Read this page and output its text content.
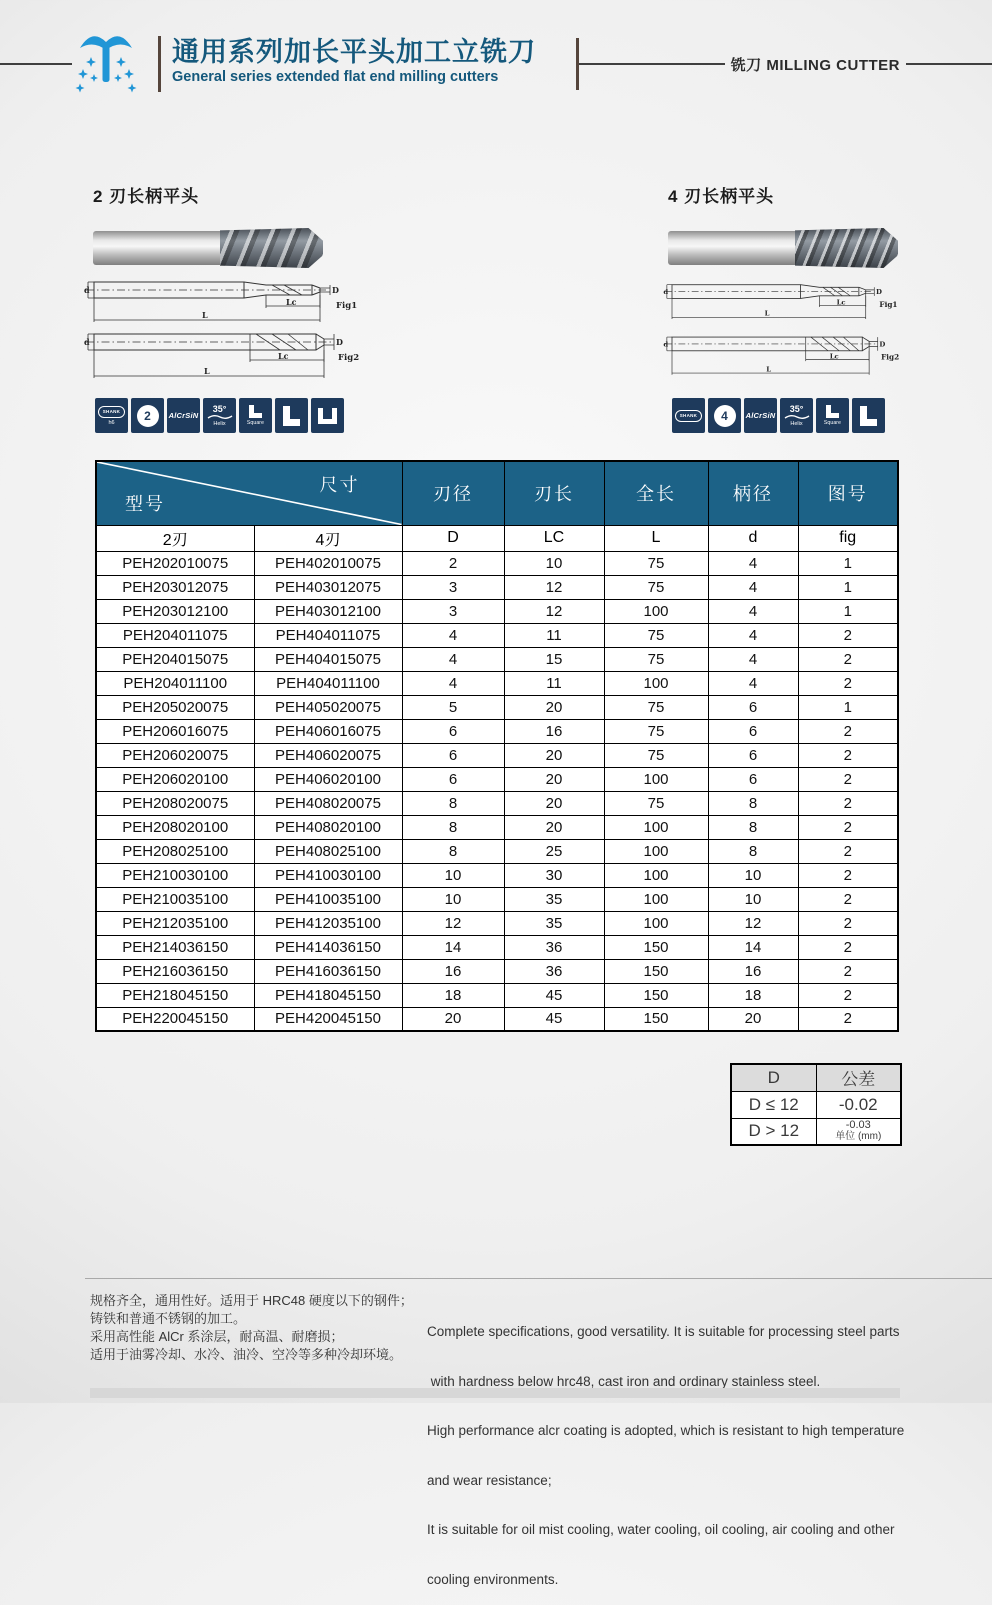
通用系列加长平头加工立铣刀
General series extended flat end milling cutters
铣刀 MILLING CUTTER
2 刃长柄平头
d	D
Lc
L
Fig1
d	D
Lc
L
Fig2
SHANK
h6	2	AlCrSiN
35°
Helix	Square
4 刃长柄平头
d	D
Lc
L
Fig1
d	D
Lc
L
Fig2
SHANK	4	AlCrSiN
35°
Helix	Square
型号
尺寸		刃径	刃长	全长	柄径	图号
2刃	4刃	D	LC	L	d	fig
PEH202010075	PEH402010075	2	10	75	4	1
PEH203012075	PEH403012075	3	12	75	4	1
PEH203012100	PEH403012100	3	12	100	4	1
PEH204011075	PEH404011075	4	11	75	4	2
PEH204015075	PEH404015075	4	15	75	4	2
PEH204011100	PEH404011100	4	11	100	4	2
PEH205020075	PEH405020075	5	20	75	6	1
PEH206016075	PEH406016075	6	16	75	6	2
PEH206020075	PEH406020075	6	20	75	6	2
PEH206020100	PEH406020100	6	20	100	6	2
PEH208020075	PEH408020075	8	20	75	8	2
PEH208020100	PEH408020100	8	20	100	8	2
PEH208025100	PEH408025100	8	25	100	8	2
PEH210030100	PEH410030100	10	30	100	10	2
PEH210035100	PEH410035100	10	35	100	10	2
PEH212035100	PEH412035100	12	35	100	12	2
PEH214036150	PEH414036150	14	36	150	14	2
PEH216036150	PEH416036150	16	36	150	16	2
PEH218045150	PEH418045150	18	45	150	18	2
PEH220045150	PEH420045150	20	45	150	20	2
D	公差
D ≤ 12	-0.02
D > 12	-0.03
单位 (mm)
规格齐全，通用性好。适用于 HRC48 硬度以下的钢件；
铸铁和普通不锈钢的加工。
采用高性能 AlCr 系涂层，耐高温、耐磨损；
适用于油雾冷却、水冷、油冷、空冷等多种冷却环境。

Complete specifications, good versatility. It is suitable for processing steel parts

with hardness below hrc48, cast iron and ordinary stainless steel.

High performance alcr coating is adopted, which is resistant to high temperature

and wear resistance;

It is suitable for oil mist cooling, water cooling, oil cooling, air cooling and other

cooling environments.
